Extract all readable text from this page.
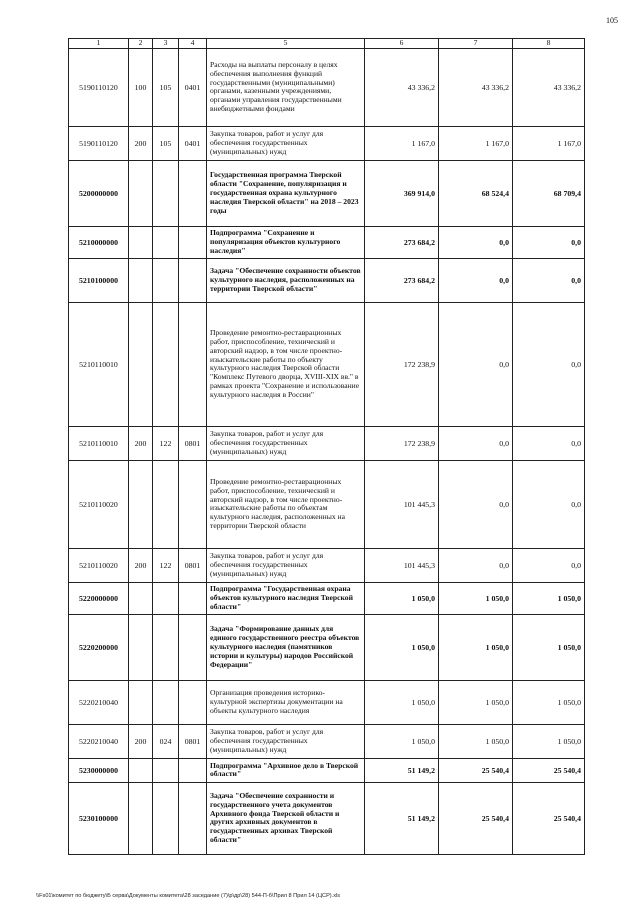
105
1	2	3	4	5	6	7	8
5190110120	100	105	0401	Расходы на выплаты персоналу в целях обеспечения выполнения функций государственными (муниципальными) органами, казенными учреждениями, органами управления государственными внебюджетными фондами	43 336,2	43 336,2	43 336,2
5190110120	200	105	0401	Закупка товаров, работ и услуг для обеспечения государственных (муниципальных) нужд	1 167,0	1 167,0	1 167,0
5200000000				Государственная программа Тверской области "Сохранение, популяризация и государственная охрана культурного наследия Тверской области" на 2018 – 2023 годы	369 914,0	68 524,4	68 709,4
5210000000				Подпрограмма "Сохранение и популяризация объектов культурного наследия"	273 684,2	0,0	0,0
5210100000				Задача "Обеспечение сохранности объектов культурного наследия, расположенных на территории Тверской области"	273 684,2	0,0	0,0
5210110010				Проведение ремонтно-реставрационных работ, приспособление, технический и авторский надзор, в том числе проектно-изыскательские работы по объекту культурного наследия Тверской области "Комплекс Путевого дворца, XVIII-XIX вв." в рамках проекта "Сохранение и использование культурного наследия в России"	172 238,9	0,0	0,0
5210110010	200	122	0801	Закупка товаров, работ и услуг для обеспечения государственных (муниципальных) нужд	172 238,9	0,0	0,0
5210110020				Проведение ремонтно-реставрационных работ, приспособление, технический и авторский надзор, в том числе проектно-изыскательские работы по объектам культурного наследия, расположенных на территории Тверской области	101 445,3	0,0	0,0
5210110020	200	122	0801	Закупка товаров, работ и услуг для обеспечения государственных (муниципальных) нужд	101 445,3	0,0	0,0
5220000000				Подпрограмма "Государственная охрана объектов культурного наследия Тверской области"	1 050,0	1 050,0	1 050,0
5220200000				Задача "Формирование данных для единого государственного реестра объектов культурного наследия (памятников истории и культуры) народов Российской Федерации"	1 050,0	1 050,0	1 050,0
5220210040				Организация проведения историко-культурной экспертизы документации на объекты культурного наследия	1 050,0	1 050,0	1 050,0
5220210040	200	024	0801	Закупка товаров, работ и услуг для обеспечения государственных (муниципальных) нужд	1 050,0	1 050,0	1 050,0
5230000000				Подпрограмма "Архивное дело в Тверской области"	51 149,2	25 540,4	25 540,4
5230100000				Задача "Обеспечение сохранности и государственного учета документов Архивного фонда Тверской области и других архивных документов в государственных архивах Тверской области"	51 149,2	25 540,4	25 540,4
\\Fs01\комитет по бюджету\Б серва\Документы комитета\28 заседание (7)\р\дp\28) 544-П-б\Прил 8 Прил 14 (ЦСР).xls
